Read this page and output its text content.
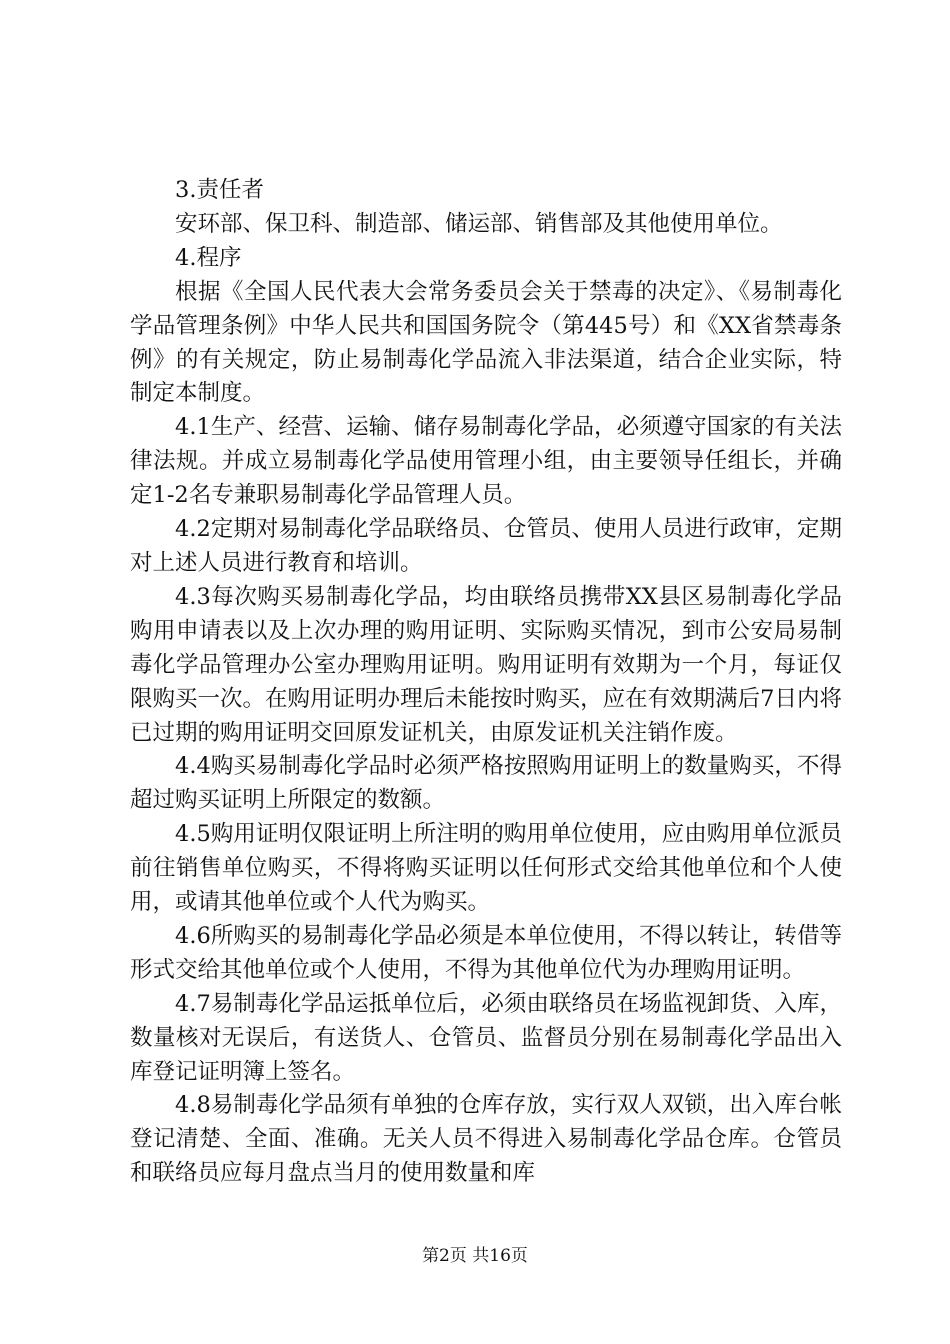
3.责任者

安环部、保卫科、制造部、储运部、销售部及其他使用单位。

4.程序

根据《全国人民代表大会常务委员会关于禁毒的决定》、《易制毒化学品管理条例》中华人民共和国国务院令（第445号）和《XX省禁毒条例》的有关规定，防止易制毒化学品流入非法渠道，结合企业实际，特制定本制度。

4.1生产、经营、运输、储存易制毒化学品，必须遵守国家的有关法律法规。并成立易制毒化学品使用管理小组，由主要领导任组长，并确定1-2名专兼职易制毒化学品管理人员。

4.2定期对易制毒化学品联络员、仓管员、使用人员进行政审，定期对上述人员进行教育和培训。

4.3每次购买易制毒化学品，均由联络员携带XX县区易制毒化学品购用申请表以及上次办理的购用证明、实际购买情况，到市公安局易制毒化学品管理办公室办理购用证明。购用证明有效期为一个月，每证仅限购买一次。在购用证明办理后未能按时购买，应在有效期满后7日内将已过期的购用证明交回原发证机关，由原发证机关注销作废。

4.4购买易制毒化学品时必须严格按照购用证明上的数量购买，不得超过购买证明上所限定的数额。

4.5购用证明仅限证明上所注明的购用单位使用，应由购用单位派员前往销售单位购买，不得将购买证明以任何形式交给其他单位和个人使用，或请其他单位或个人代为购买。

4.6所购买的易制毒化学品必须是本单位使用，不得以转让，转借等形式交给其他单位或个人使用，不得为其他单位代为办理购用证明。

4.7易制毒化学品运抵单位后，必须由联络员在场监视卸货、入库，数量核对无误后，有送货人、仓管员、监督员分别在易制毒化学品出入库登记证明簿上签名。

4.8易制毒化学品须有单独的仓库存放，实行双人双锁，出入库台帐登记清楚、全面、准确。无关人员不得进入易制毒化学品仓库。仓管员和联络员应每月盘点当月的使用数量和库

第2页 共16页
